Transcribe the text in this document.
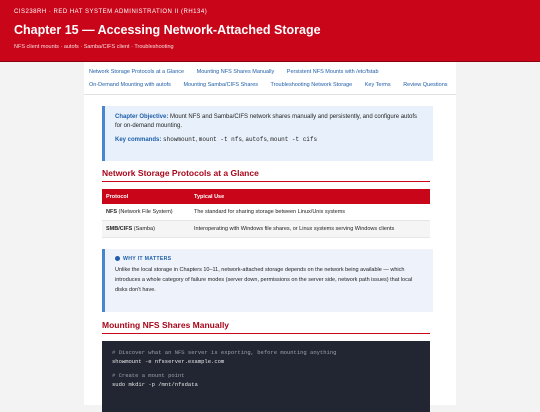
CIS238RH · RED HAT SYSTEM ADMINISTRATION II (RH134)
Chapter 15 — Accessing Network-Attached Storage
NFS client mounts · autofs · Samba/CIFS client · Troubleshooting
Network Storage Protocols at a Glance Mounting NFS Shares Manually Persistent NFS Mounts with /etc/fstab
On-Demand Mounting with autofs Mounting Samba/CIFS Shares Troubleshooting Network Storage Key Terms Review Questions
Chapter Objective: Mount NFS and Samba/CIFS network shares manually and persistently, and configure autofs for on-demand mounting.
Key commands: showmount, mount -t nfs, autofs, mount -t cifs
Network Storage Protocols at a Glance
Protocol	Typical Use
NFS (Network File System)	The standard for sharing storage between Linux/Unix systems
SMB/CIFS (Samba)	Interoperating with Windows file shares, or Linux systems serving Windows clients
WHY IT MATTERS
Unlike the local storage in Chapters 10–11, network-attached storage depends on the network being available — which introduces a whole category of failure modes (server down, permissions on the server side, network path issues) that local disks don't have.
Mounting NFS Shares Manually
# Discover what an NFS server is exporting, before mounting anything
showmount -e nfsserver.example.com
# Create a mount point
sudo mkdir -p /mnt/nfsdata
